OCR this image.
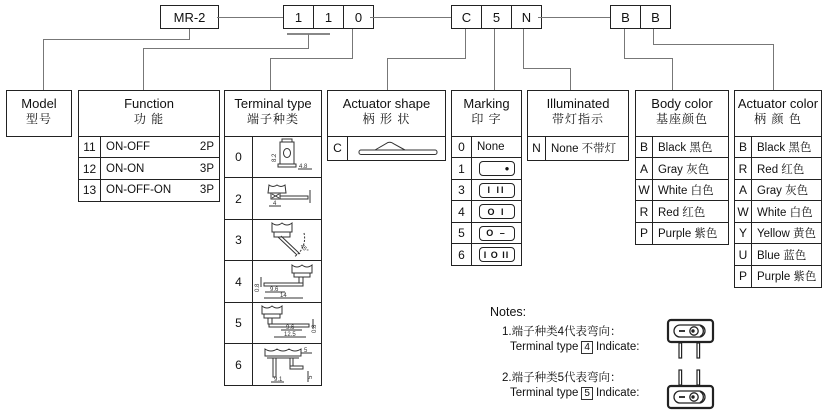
MR-2	1	1	0	C	5	N	B	B
Model
型号
Function
功 能
11 ON-OFF	2P
12 ON-ON	3P
13 ON-OFF-ON	3P
Terminal type
端子种类
0	8.2
4.8
2	4
3
45°
4	0.8 9.6
14
5	9.6	0.8
12.5
6
5
9.1	5
Actuator shape
柄 形 状
C
Marking
印 字
0	None
1	●
3	I II
4	O I
5	O –
6	I O II
Illuminated
带灯指示
N None 不带灯
Body color
基座颜色
B Black 黑色
A Gray 灰色
W White 白色
R Red 红色
P Purple 紫色
Actuator color
柄 颜 色
B Black 黑色
R Red 红色
A Gray 灰色
W White 白色
Y Yellow 黄色
U Blue 蓝色
P Purple 紫色
Notes:
1.端子种类4代表弯向：
Terminal type 4 Indicate:
2.端子种类5代表弯向：
Terminal type 5 Indicate:
